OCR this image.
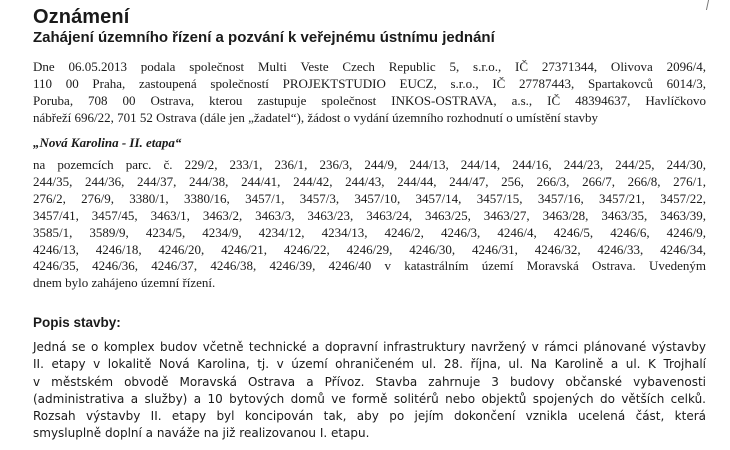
Oznámení
Zahájení územního řízení a pozvání k veřejnému ústnímu jednání
Dne 06.05.2013 podala společnost Multi Veste Czech Republic 5, s.r.o., IČ 27371344, Olivova 2096/4,
110 00 Praha, zastoupená společností PROJEKTSTUDIO EUCZ, s.r.o., IČ 27787443, Spartakovců 6014/3,
Poruba, 708 00 Ostrava, kterou zastupuje společnost INKOS-OSTRAVA, a.s., IČ 48394637, Havlíčkovo
nábřeží 696/22, 701 52 Ostrava (dále jen „žadatel“), žádost o vydání územního rozhodnutí o umístění stavby
„Nová Karolina - II. etapa“
na pozemcích parc. č. 229/2, 233/1, 236/1, 236/3, 244/9, 244/13, 244/14, 244/16, 244/23, 244/25, 244/30,
244/35, 244/36, 244/37, 244/38, 244/41, 244/42, 244/43, 244/44, 244/47, 256, 266/3, 266/7, 266/8, 276/1,
276/2, 276/9, 3380/1, 3380/16, 3457/1, 3457/3, 3457/10, 3457/14, 3457/15, 3457/16, 3457/21, 3457/22,
3457/41, 3457/45, 3463/1, 3463/2, 3463/3, 3463/23, 3463/24, 3463/25, 3463/27, 3463/28, 3463/35, 3463/39,
3585/1, 3589/9, 4234/5, 4234/9, 4234/12, 4234/13, 4246/2, 4246/3, 4246/4, 4246/5, 4246/6, 4246/9,
4246/13, 4246/18, 4246/20, 4246/21, 4246/22, 4246/29, 4246/30, 4246/31, 4246/32, 4246/33, 4246/34,
4246/35, 4246/36, 4246/37, 4246/38, 4246/39, 4246/40 v katastrálním území Moravská Ostrava. Uvedeným
dnem bylo zahájeno územní řízení.
Popis stavby:
Jedná se o komplex budov včetně technické a dopravní infrastruktury navržený v rámci plánované výstavby
II. etapy v lokalitě Nová Karolina, tj. v území ohraničeném ul. 28. října, ul. Na Karolině a ul. K Trojhalí
v městském obvodě Moravská Ostrava a Přívoz. Stavba zahrnuje 3 budovy občanské vybavenosti
(administrativa a služby) a 10 bytových domů ve formě solitérů nebo objektů spojených do větších celků.
Rozsah výstavby II. etapy byl koncipován tak, aby po jejím dokončení vznikla ucelená část, která
smysluplně doplní a naváže na již realizovanou I. etapu.
